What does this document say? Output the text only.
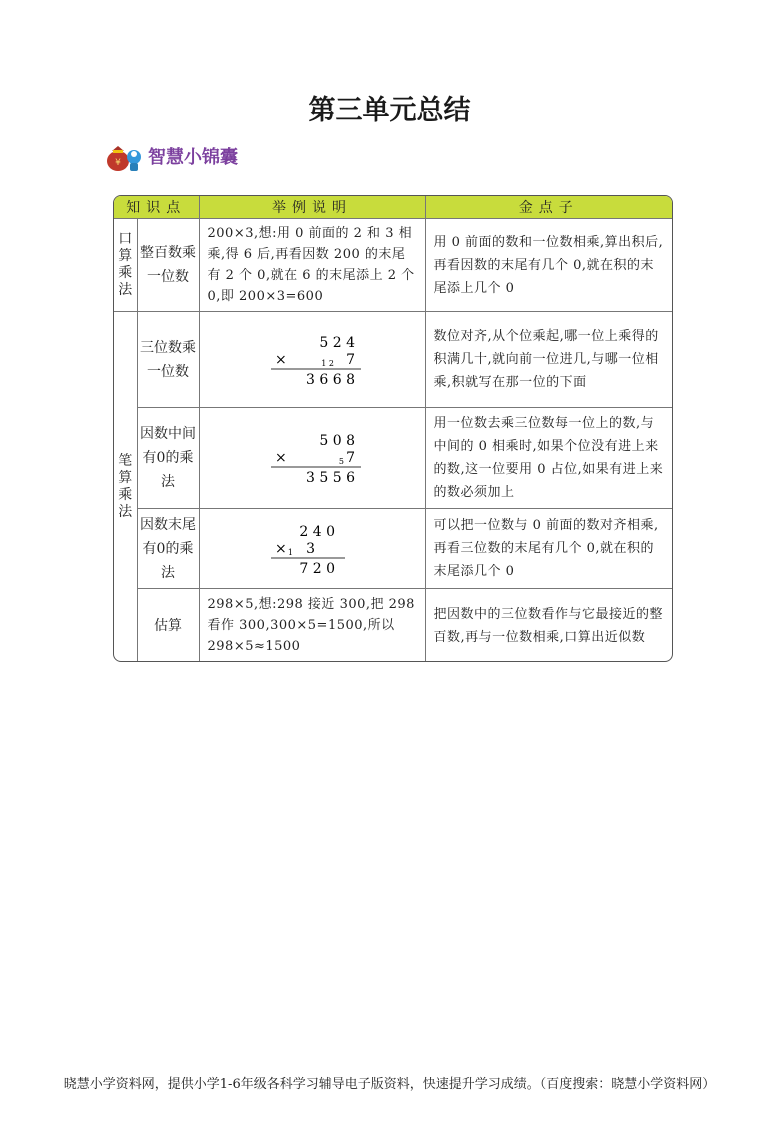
第三单元总结
¥ 智慧小锦囊
知识点		举例说明	金点子

口
算
乘
法	整百数乘一位数	200×3,想:用 0 前面的 2 和 3 相乘,得 6 后,再看因数 200 的末尾有 2 个 0,就在 6 的末尾添上 2 个 0,即 200×3=600	用 0 前面的数和一位数相乘,算出积后,再看因数的末尾有几个 0,就在积的末尾添上几个 0

笔
算
乘
法	三位数乘一位数	5 2 4
× 1 2 7
3 6 6 8	数位对齐,从个位乘起,哪一位上乘得的积满几十,就向前一位进几,与哪一位相乘,积就写在那一位的下面
	因数中间有0的乘法	5 0 8
× 5 7
3 5 5 6	用一位数去乘三位数每一位上的数,与中间的 0 相乘时,如果个位没有进上来的数,这一位要用 0 占位,如果有进上来的数必须加上
	因数末尾有0的乘法	2 4 0
× 1 3
7 2 0	可以把一位数与 0 前面的数对齐相乘,再看三位数的末尾有几个 0,就在积的末尾添几个 0
	估算	298×5,想:298 接近 300,把 298 看作 300,300×5=1500,所以 298×5≈1500	把因数中的三位数看作与它最接近的整百数,再与一位数相乘,口算出近似数
晓慧小学资料网，提供小学1-6年级各科学习辅导电子版资料，快速提升学习成绩。（百度搜索：晓慧小学资料网）
